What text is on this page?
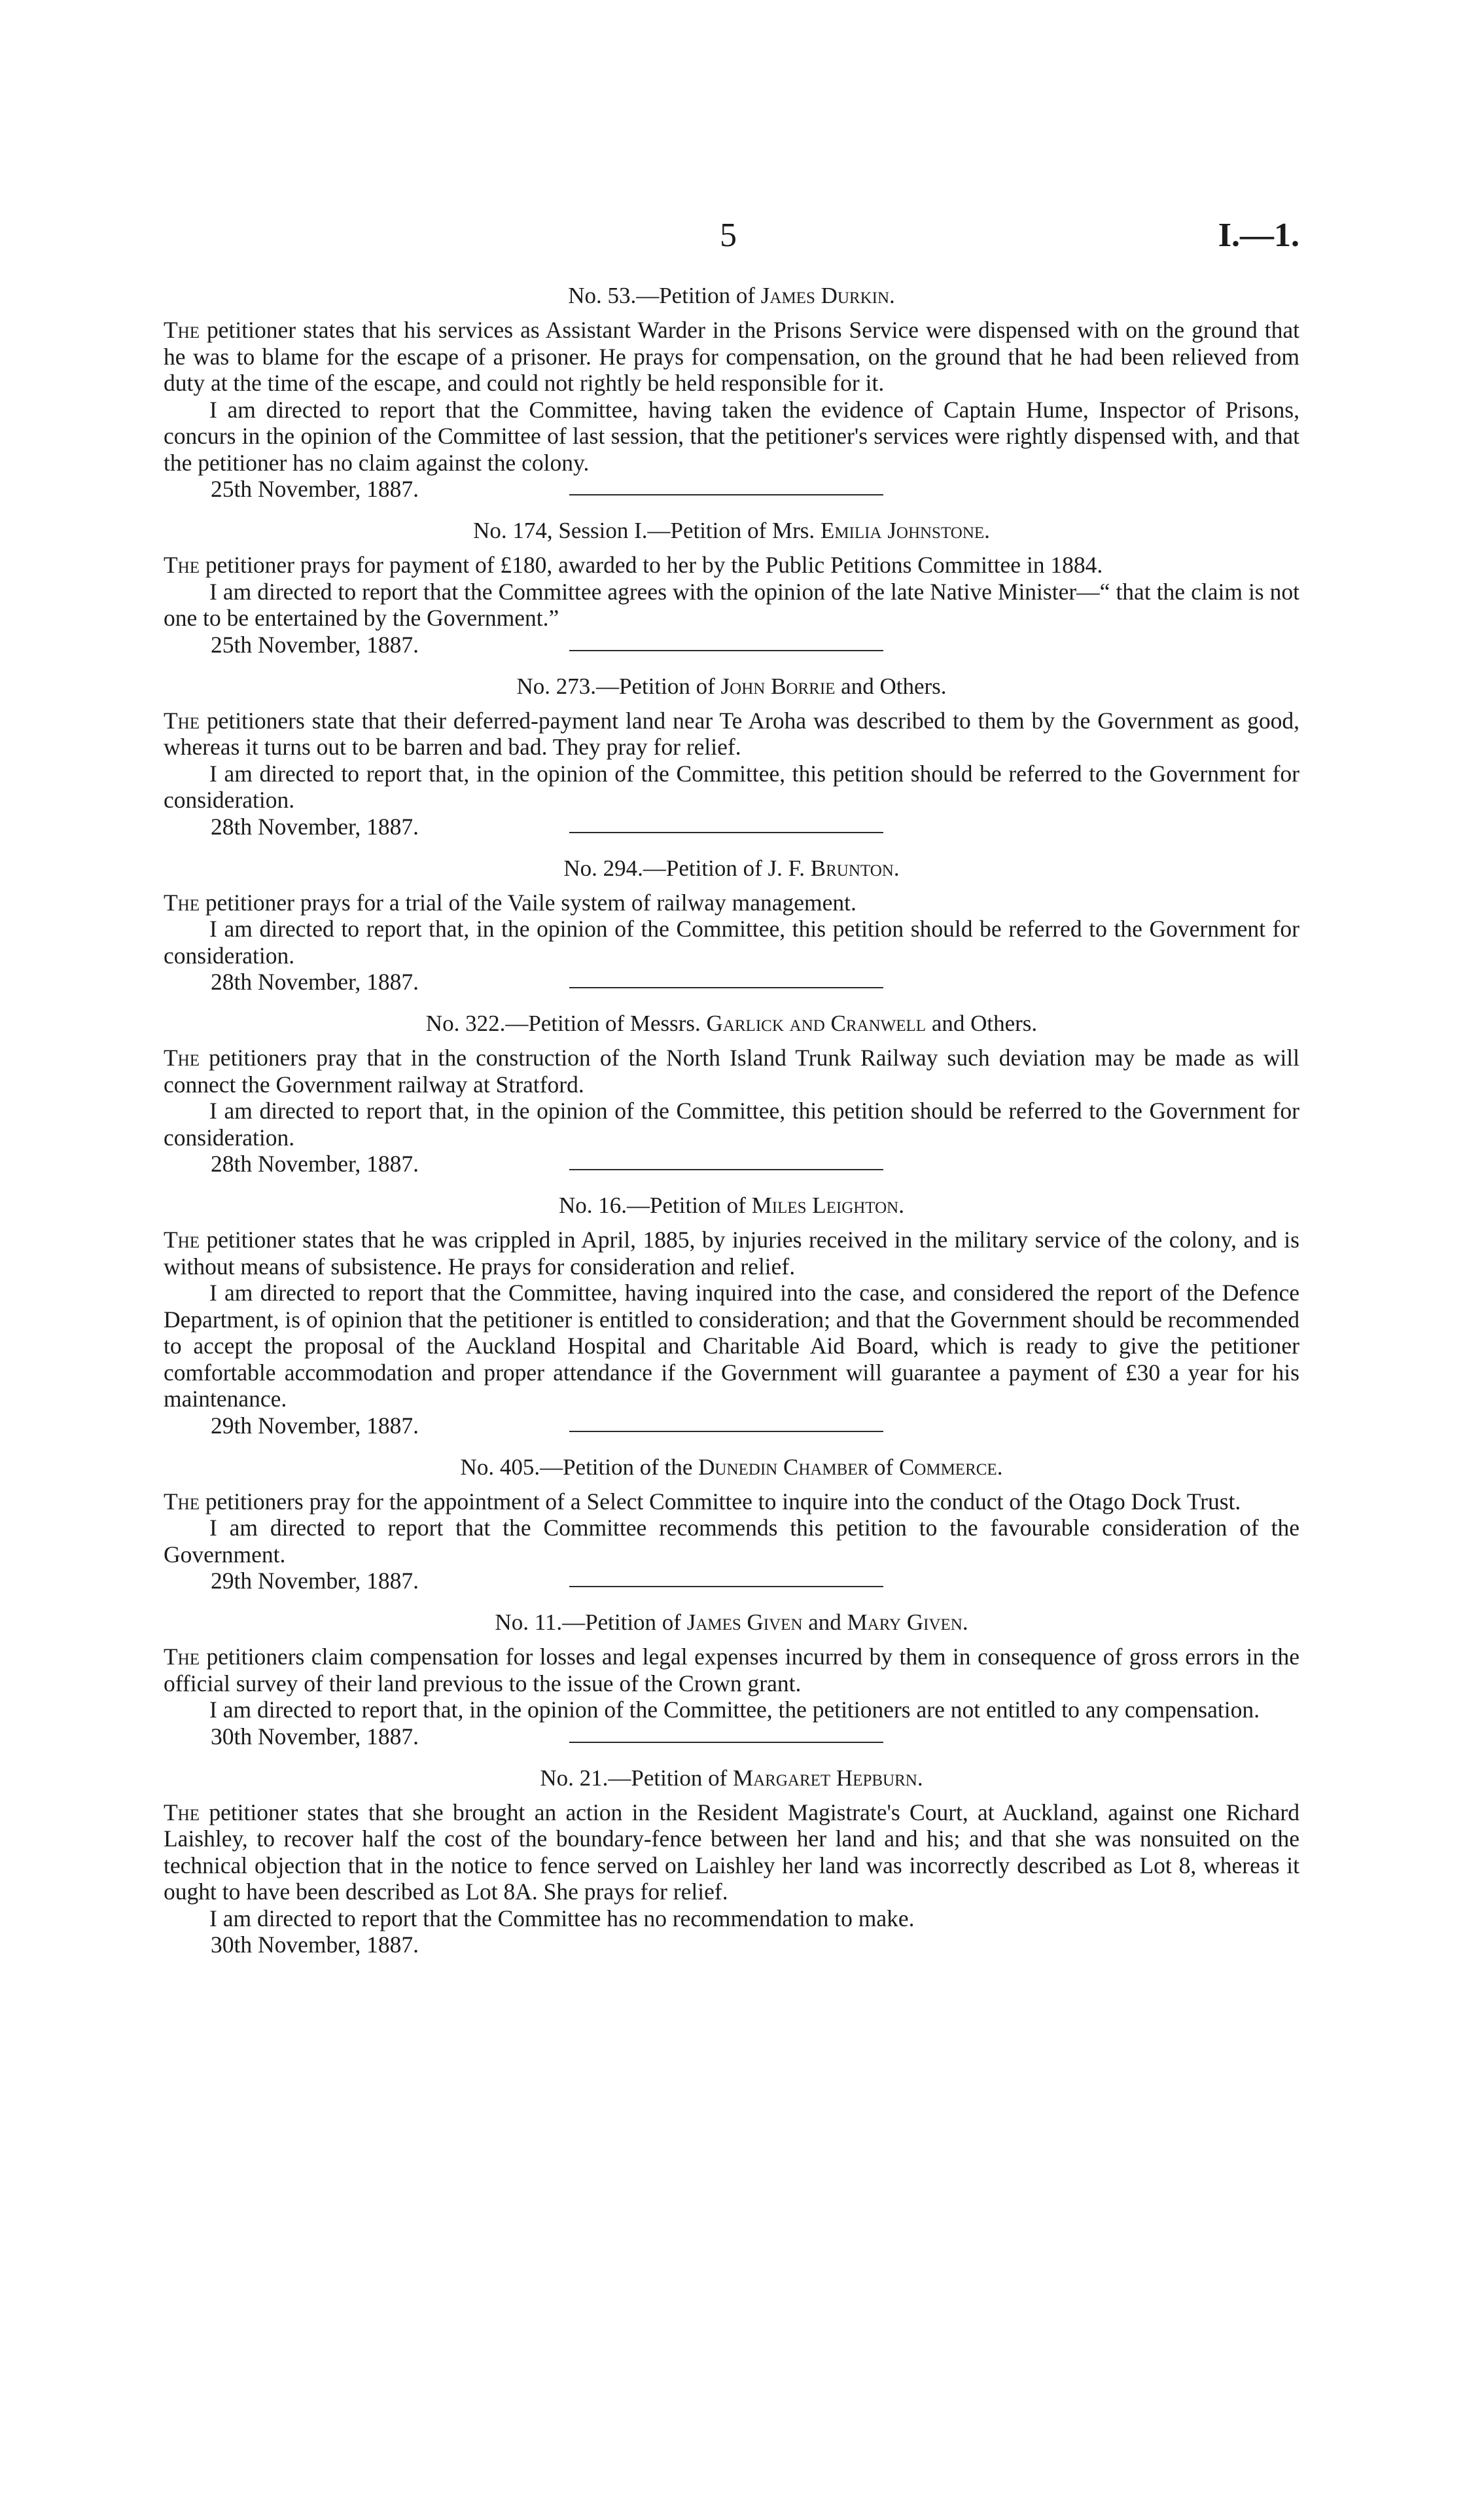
5	I.—1.
No. 53.—Petition of James Durkin.

The petitioner states that his services as Assistant Warder in the Prisons Service were dispensed with on the ground that he was to blame for the escape of a prisoner. He prays for compensation, on the ground that he had been relieved from duty at the time of the escape, and could not rightly be held responsible for it.

I am directed to report that the Committee, having taken the evidence of Captain Hume, Inspector of Prisons, concurs in the opinion of the Committee of last session, that the petitioner's services were rightly dispensed with, and that the petitioner has no claim against the colony.

25th November, 1887.
No. 174, Session I.—Petition of Mrs. Emilia Johnstone.

The petitioner prays for payment of £180, awarded to her by the Public Petitions Committee in 1884.

I am directed to report that the Committee agrees with the opinion of the late Native Minister—“ that the claim is not one to be entertained by the Government.”

25th November, 1887.
No. 273.—Petition of John Borrie and Others.

The petitioners state that their deferred-payment land near Te Aroha was described to them by the Government as good, whereas it turns out to be barren and bad. They pray for relief.

I am directed to report that, in the opinion of the Committee, this petition should be referred to the Government for consideration.

28th November, 1887.
No. 294.—Petition of J. F. Brunton.

The petitioner prays for a trial of the Vaile system of railway management.

I am directed to report that, in the opinion of the Committee, this petition should be referred to the Government for consideration.

28th November, 1887.
No. 322.—Petition of Messrs. Garlick and Cranwell and Others.

The petitioners pray that in the construction of the North Island Trunk Railway such deviation may be made as will connect the Government railway at Stratford.

I am directed to report that, in the opinion of the Committee, this petition should be referred to the Government for consideration.

28th November, 1887.
No. 16.—Petition of Miles Leighton.

The petitioner states that he was crippled in April, 1885, by injuries received in the military service of the colony, and is without means of subsistence. He prays for consideration and relief.

I am directed to report that the Committee, having inquired into the case, and considered the report of the Defence Department, is of opinion that the petitioner is entitled to consideration; and that the Government should be recommended to accept the proposal of the Auckland Hospital and Charitable Aid Board, which is ready to give the petitioner comfortable accommodation and proper attendance if the Government will guarantee a payment of £30 a year for his maintenance.

29th November, 1887.
No. 405.—Petition of the Dunedin Chamber of Commerce.

The petitioners pray for the appointment of a Select Committee to inquire into the conduct of the Otago Dock Trust.

I am directed to report that the Committee recommends this petition to the favourable consideration of the Government.

29th November, 1887.
No. 11.—Petition of James Given and Mary Given.

The petitioners claim compensation for losses and legal expenses incurred by them in consequence of gross errors in the official survey of their land previous to the issue of the Crown grant.

I am directed to report that, in the opinion of the Committee, the petitioners are not entitled to any compensation.

30th November, 1887.
No. 21.—Petition of Margaret Hepburn.

The petitioner states that she brought an action in the Resident Magistrate's Court, at Auckland, against one Richard Laishley, to recover half the cost of the boundary-fence between her land and his; and that she was nonsuited on the technical objection that in the notice to fence served on Laishley her land was incorrectly described as Lot 8, whereas it ought to have been described as Lot 8A. She prays for relief.

I am directed to report that the Committee has no recommendation to make.

30th November, 1887.
